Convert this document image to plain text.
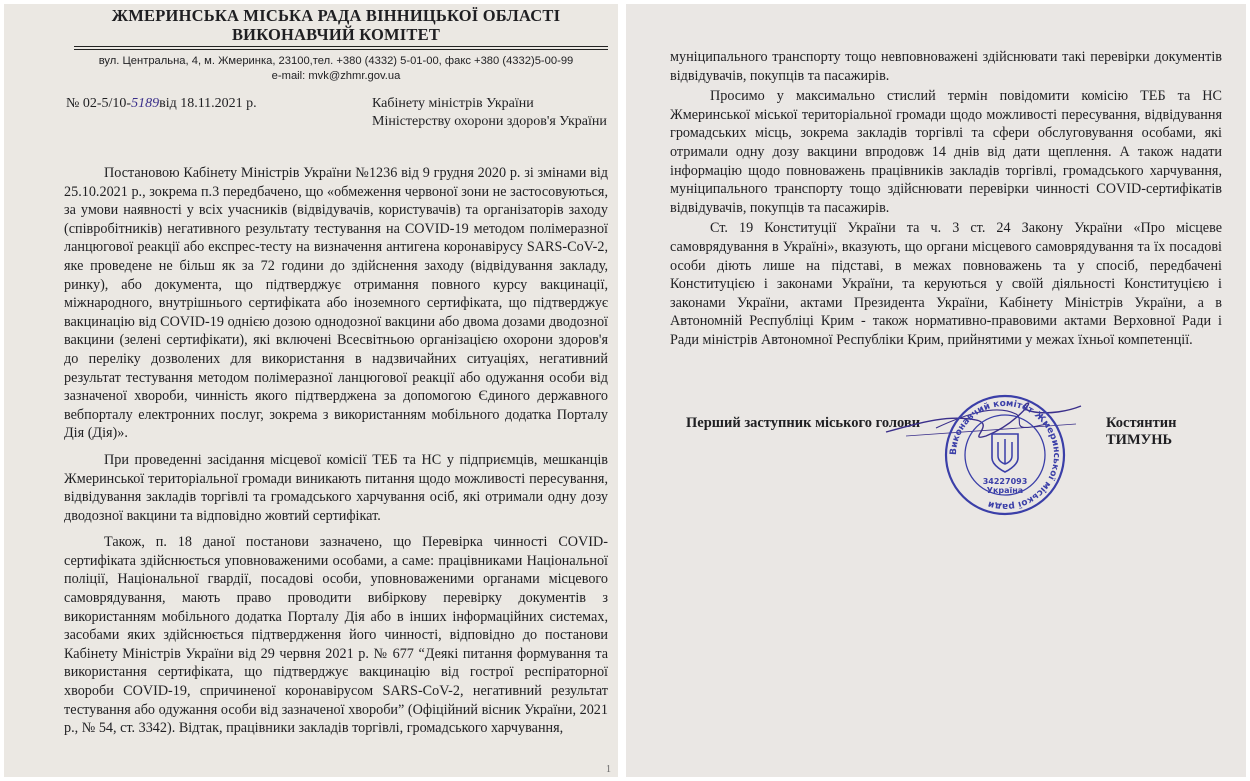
ЖМЕРИНСЬКА МІСЬКА РАДА ВІННИЦЬКОЇ ОБЛАСТІ
ВИКОНАВЧИЙ КОМІТЕТ
вул. Центральна, 4, м. Жмеринка, 23100,тел. +380 (4332) 5-01-00, факс +380 (4332)5-00-99
e-mail: mvk@zhmr.gov.ua
№ 02-5/10-5189від 18.11.2021 р.	Кабінету міністрів України Міністерству охорони здоров'я України

Постановою Кабінету Міністрів України №1236 від 9 грудня 2020 р. зі змінами від 25.10.2021 р., зокрема п.3 передбачено, що «обмеження червоної зони не застосовуються, за умови наявності у всіх учасників (відвідувачів, користувачів) та організаторів заходу (співробітників) негативного результату тестування на COVID-19 методом полімеразної ланцюгової реакції або експрес-тесту на визначення антигена коронавірусу SARS-CoV-2, яке проведене не більш як за 72 години до здійснення заходу (відвідування закладу, ринку), або документа, що підтверджує отримання повного курсу вакцинації, міжнародного, внутрішнього сертифіката або іноземного сертифіката, що підтверджує вакцинацію від COVID-19 однією дозою однодозної вакцини або двома дозами дводозної вакцини (зелені сертифікати), які включені Всесвітньою організацією охорони здоров'я до переліку дозволених для використання в надзвичайних ситуаціях, негативний результат тестування методом полімеразної ланцюгової реакції або одужання особи від зазначеної хвороби, чинність якого підтверджена за допомогою Єдиного державного вебпорталу електронних послуг, зокрема з використанням мобільного додатка Порталу Дія (Дія)».

При проведенні засідання місцевої комісії ТЕБ та НС у підприємців, мешканців Жмеринської територіальної громади виникають питання щодо можливості пересування, відвідування закладів торгівлі та громадського харчування осіб, які отримали одну дозу дводозної вакцини та відповідно жовтий сертифікат.

Також, п. 18 даної постанови зазначено, що Перевірка чинності COVID-сертифіката здійснюється уповноваженими особами, а саме: працівниками Національної поліції, Національної гвардії, посадові особи, уповноваженими органами місцевого самоврядування, мають право проводити вибіркову перевірку документів з використанням мобільного додатка Порталу Дія або в інших інформаційних системах, засобами яких здійснюється підтвердження його чинності, відповідно до постанови Кабінету Міністрів України від 29 червня 2021 р. № 677 “Деякі питання формування та використання сертифіката, що підтверджує вакцинацію від гострої респіраторної хвороби COVID-19, спричиненої коронавірусом SARS-CoV-2, негативний результат тестування або одужання особи від зазначеної хвороби” (Офіційний вісник України, 2021 р., № 54, ст. 3342). Відтак, працівники закладів торгівлі, громадського харчування,

1

муніципального транспорту тощо невповноважені здійснювати такі перевірки документів відвідувачів, покупців та пасажирів.

Просимо у максимально стислий термін повідомити комісію ТЕБ та НС Жмеринської міської територіальної громади щодо можливості пересування, відвідування громадських місць, зокрема закладів торгівлі та сфери обслуговування особами, які отримали одну дозу вакцини впродовж 14 днів від дати щеплення. А також надати інформацію щодо повноважень працівників закладів торгівлі, громадського харчування, муніципального транспорту тощо здійснювати перевірки чинності COVID-сертифікатів відвідувачів, покупців та пасажирів.

Ст. 19 Конституції України та ч. 3 ст. 24 Закону України «Про місцеве самоврядування в Україні», вказують, що органи місцевого самоврядування та їх посадові особи діють лише на підставі, в межах повноважень та у спосіб, передбачені Конституцією і законами України, та керуються у своїй діяльності Конституцією і законами України, актами Президента України, Кабінету Міністрів України, а в Автономній Республіці Крим - також нормативно-правовими актами Верховної Ради і Ради міністрів Автономної Республіки Крим, прийнятими у межах їхньої компетенції.

Перший заступник міського голови	Костянтин ТИМУНЬ
Виконавчий комітет Жмеринської міської ради
34227093
Україна
